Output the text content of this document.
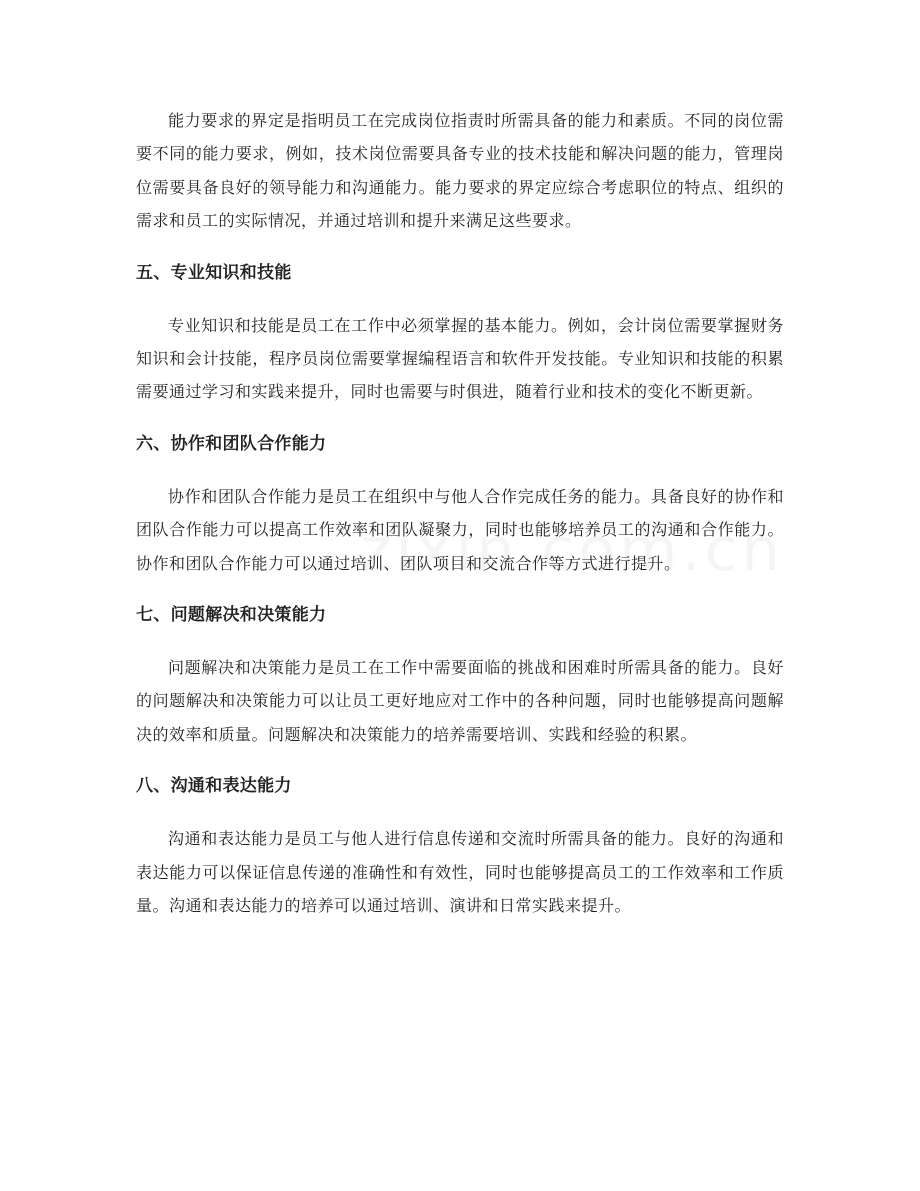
能力要求的界定是指明员工在完成岗位指责时所需具备的能力和素质。不同的岗位需要不同的能力要求，例如，技术岗位需要具备专业的技术技能和解决问题的能力，管理岗位需要具备良好的领导能力和沟通能力。能力要求的界定应综合考虑职位的特点、组织的需求和员工的实际情况，并通过培训和提升来满足这些要求。

五、专业知识和技能

专业知识和技能是员工在工作中必须掌握的基本能力。例如，会计岗位需要掌握财务知识和会计技能，程序员岗位需要掌握编程语言和软件开发技能。专业知识和技能的积累需要通过学习和实践来提升，同时也需要与时俱进，随着行业和技术的变化不断更新。

六、协作和团队合作能力

协作和团队合作能力是员工在组织中与他人合作完成任务的能力。具备良好的协作和团队合作能力可以提高工作效率和团队凝聚力，同时也能够培养员工的沟通和合作能力。协作和团队合作能力可以通过培训、团队项目和交流合作等方式进行提升。

七、问题解决和决策能力

问题解决和决策能力是员工在工作中需要面临的挑战和困难时所需具备的能力。良好的问题解决和决策能力可以让员工更好地应对工作中的各种问题，同时也能够提高问题解决的效率和质量。问题解决和决策能力的培养需要培训、实践和经验的积累。

八、沟通和表达能力

沟通和表达能力是员工与他人进行信息传递和交流时所需具备的能力。良好的沟通和表达能力可以保证信息传递的准确性和有效性，同时也能够提高员工的工作效率和工作质量。沟通和表达能力的培养可以通过培训、演讲和日常实践来提升。
